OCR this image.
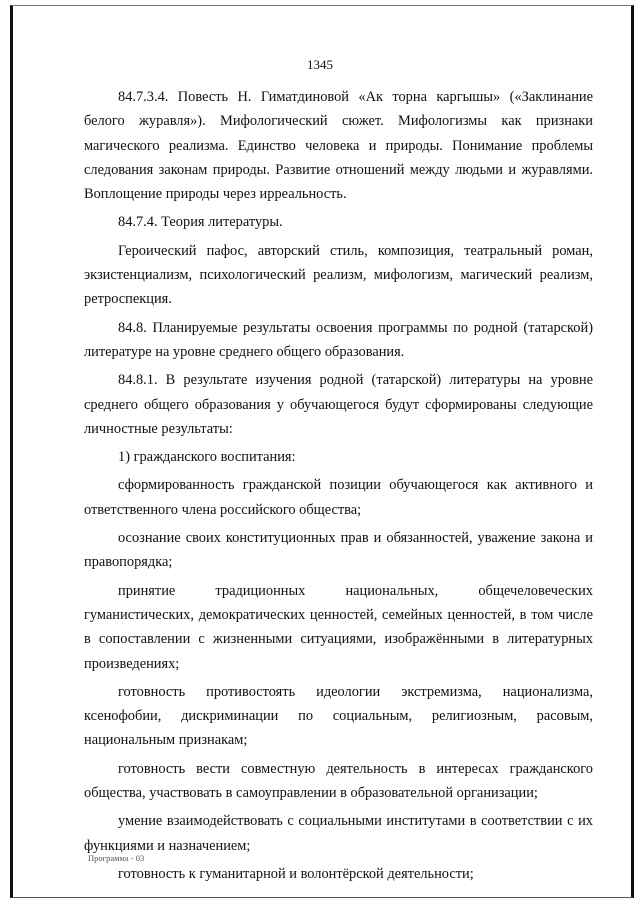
1345

84.7.3.4. Повесть Н. Гиматдиновой «Ак торна каргышы» («Заклинание белого журавля»). Мифологический сюжет. Мифологизмы как признаки магического реализма. Единство человека и природы. Понимание проблемы следования законам природы. Развитие отношений между людьми и журавлями. Воплощение природы через ирреальность.

84.7.4. Теория литературы.

Героический пафос, авторский стиль, композиция, театральный роман, экзистенциализм, психологический реализм, мифологизм, магический реализм, ретроспекция.

84.8. Планируемые результаты освоения программы по родной (татарской) литературе на уровне среднего общего образования.

84.8.1. В результате изучения родной (татарской) литературы на уровне среднего общего образования у обучающегося будут сформированы следующие личностные результаты:

1) гражданского воспитания:

сформированность гражданской позиции обучающегося как активного и ответственного члена российского общества;

осознание своих конституционных прав и обязанностей, уважение закона и правопорядка;

принятие традиционных национальных, общечеловеческих гуманистических, демократических ценностей, семейных ценностей, в том числе в сопоставлении с жизненными ситуациями, изображёнными в литературных произведениях;

готовность противостоять идеологии экстремизма, национализма, ксенофобии, дискриминации по социальным, религиозным, расовым, национальным признакам;

готовность вести совместную деятельность в интересах гражданского общества, участвовать в самоуправлении в образовательной организации;

умение взаимодействовать с социальными институтами в соответствии с их функциями и назначением;

готовность к гуманитарной и волонтёрской деятельности;

Программа - 03
